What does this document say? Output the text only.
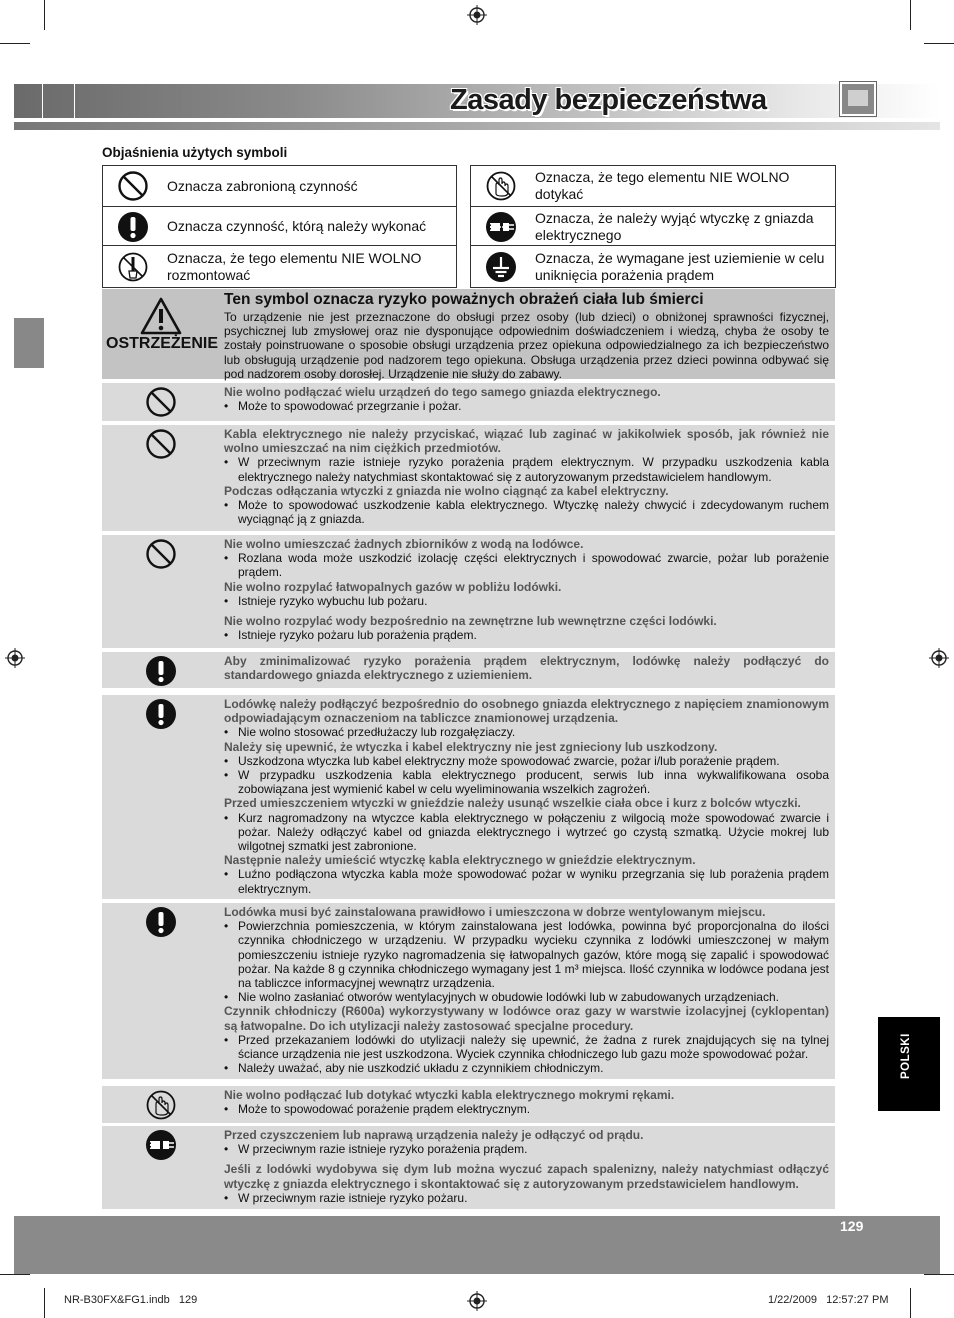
Zasady bezpieczeństwa
Objaśnienia użytych symboli
Oznacza zabronioną czynność
Oznacza czynność, którą należy wykonać
Oznacza, że tego elementu NIE WOLNO rozmontować
Oznacza, że tego elementu NIE WOLNO dotykać
Oznacza, że należy wyjąć wtyczkę z gniazda elektrycznego
Oznacza, że wymagane jest uziemienie w celu uniknięcia porażenia prądem
OSTRZEŻENIE
Ten symbol oznacza ryzyko poważnych obrażeń ciała lub śmierci
To urządzenie nie jest przeznaczone do obsługi przez osoby (lub dzieci) o obniżonej sprawności fizycznej, psychicznej lub zmysłowej oraz nie dysponujące odpowiednim doświadczeniem i wiedzą, chyba że osoby te zostały poinstruowane o sposobie obsługi urządzenia przez opiekuna odpowiedzialnego za ich bezpieczeństwo lub obsługują urządzenie pod nadzorem tego opiekuna. Obsługa urządzenia przez dzieci powinna odbywać się pod nadzorem osoby dorosłej. Urządzenie nie służy do zabawy.
Nie wolno podłączać wielu urządzeń do tego samego gniazda elektrycznego.
• Może to spowodować przegrzanie i pożar.
Kabla elektrycznego nie należy przyciskać, wiązać lub zaginać w jakikolwiek sposób, jak również nie wolno umieszczać na nim ciężkich przedmiotów.
• W przeciwnym razie istnieje ryzyko porażenia prądem elektrycznym. W przypadku uszkodzenia kabla elektrycznego należy natychmiast skontaktować się z autoryzowanym przedstawicielem handlowym.
Podczas odłączania wtyczki z gniazda nie wolno ciągnąć za kabel elektryczny.
• Może to spowodować uszkodzenie kabla elektrycznego. Wtyczkę należy chwycić i zdecydowanym ruchem wyciągnąć ją z gniazda.
Nie wolno umieszczać żadnych zbiorników z wodą na lodówce.
• Rozlana woda może uszkodzić izolację części elektrycznych i spowodować zwarcie, pożar lub porażenie prądem.
Nie wolno rozpylać łatwopalnych gazów w pobliżu lodówki.
• Istnieje ryzyko wybuchu lub pożaru.
Nie wolno rozpylać wody bezpośrednio na zewnętrzne lub wewnętrzne części lodówki.
• Istnieje ryzyko pożaru lub porażenia prądem.
Aby zminimalizować ryzyko porażenia prądem elektrycznym, lodówkę należy podłączyć do standardowego gniazda elektrycznego z uziemieniem.
Lodówkę należy podłączyć bezpośrednio do osobnego gniazda elektrycznego z napięciem znamionowym odpowiadającym oznaczeniom na tabliczce znamionowej urządzenia.
• Nie wolno stosować przedłużaczy lub rozgałęziaczy.
Należy się upewnić, że wtyczka i kabel elektryczny nie jest zgnieciony lub uszkodzony.
• Uszkodzona wtyczka lub kabel elektryczny może spowodować zwarcie, pożar i/lub porażenie prądem.
• W przypadku uszkodzenia kabla elektrycznego producent, serwis lub inna wykwalifikowana osoba zobowiązana jest wymienić kabel w celu wyeliminowania wszelkich zagrożeń.
Przed umieszczeniem wtyczki w gnieździe należy usunąć wszelkie ciała obce i kurz z bolców wtyczki.
• Kurz nagromadzony na wtyczce kabla elektrycznego w połączeniu z wilgocią może spowodować zwarcie i pożar. Należy odłączyć kabel od gniazda elektrycznego i wytrzeć go czystą szmatką. Użycie mokrej lub wilgotnej szmatki jest zabronione.
Następnie należy umieścić wtyczkę kabla elektrycznego w gnieździe elektrycznym.
• Luźno podłączona wtyczka kabla może spowodować pożar w wyniku przegrzania się lub porażenia prądem elektrycznym.
Lodówka musi być zainstalowana prawidłowo i umieszczona w dobrze wentylowanym miejscu.
• Powierzchnia pomieszczenia, w którym zainstalowana jest lodówka, powinna być proporcjonalna do ilości czynnika chłodniczego w urządzeniu. W przypadku wycieku czynnika z lodówki umieszczonej w małym pomieszczeniu istnieje ryzyko nagromadzenia się łatwopalnych gazów, które mogą się zapalić i spowodować pożar. Na każde 8 g czynnika chłodniczego wymagany jest 1 m³ miejsca. Ilość czynnika w lodówce podana jest na tabliczce informacyjnej wewnątrz urządzenia.
• Nie wolno zasłaniać otworów wentylacyjnych w obudowie lodówki lub w zabudowanych urządzeniach.
Czynnik chłodniczy (R600a) wykorzystywany w lodówce oraz gazy w warstwie izolacyjnej (cyklopentan) są łatwopalne. Do ich utylizacji należy zastosować specjalne procedury.
• Przed przekazaniem lodówki do utylizacji należy się upewnić, że żadna z rurek znajdujących się na tylnej ściance urządzenia nie jest uszkodzona. Wyciek czynnika chłodniczego lub gazu może spowodować pożar.
• Należy uważać, aby nie uszkodzić układu z czynnikiem chłodniczym.
Nie wolno podłączać lub dotykać wtyczki kabla elektrycznego mokrymi rękami.
• Może to spowodować porażenie prądem elektrycznym.
Przed czyszczeniem lub naprawą urządzenia należy je odłączyć od prądu.
• W przeciwnym razie istnieje ryzyko porażenia prądem.
Jeśli z lodówki wydobywa się dym lub można wyczuć zapach spalenizny, należy natychmiast odłączyć wtyczkę z gniazda elektrycznego i skontaktować się z autoryzowanym przedstawicielem handlowym.
• W przeciwnym razie istnieje ryzyko pożaru.
129
POLSKI
NR-B30FX&FG1.indb   129	1/22/2009   12:57:27 PM
